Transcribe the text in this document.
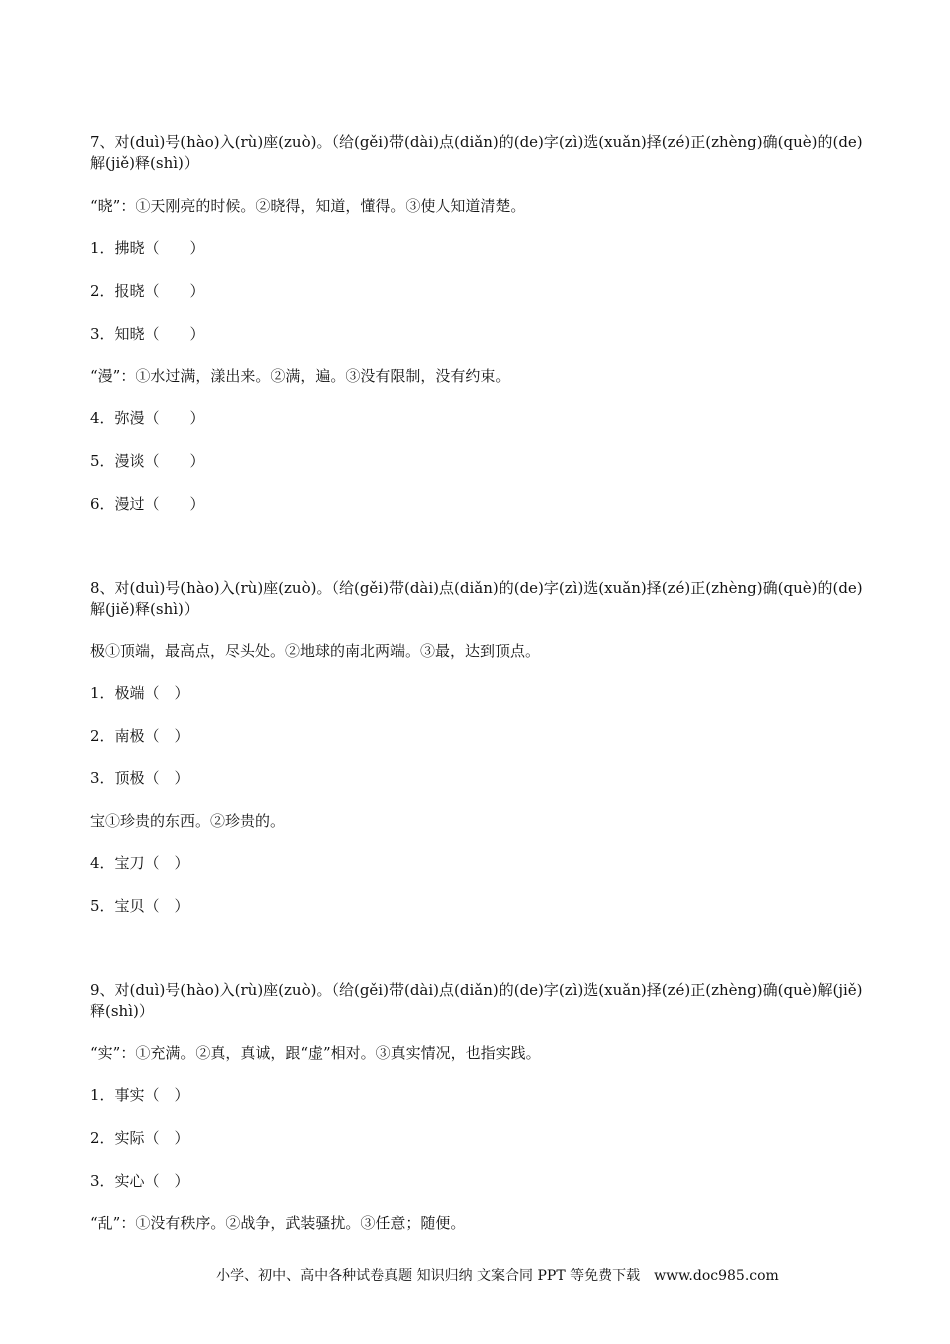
7、对(duì)号(hào)入(rù)座(zuò)。（给(gěi)带(dài)点(diǎn)的(de)字(zì)选(xuǎn)择(zé)正(zhèng)确(què)的(de)解(jiě)释(shì)）
“晓”：①天刚亮的时候。②晓得，知道，懂得。③使人知道清楚。
1．拂晓（　　）
2．报晓（　　）
3．知晓（　　）
“漫”：①水过满，漾出来。②满，遍。③没有限制，没有约束。
4．弥漫（　　）
5．漫谈（　　）
6．漫过（　　）
8、对(duì)号(hào)入(rù)座(zuò)。（给(gěi)带(dài)点(diǎn)的(de)字(zì)选(xuǎn)择(zé)正(zhèng)确(què)的(de)解(jiě)释(shì)）
极①顶端，最高点，尽头处。②地球的南北两端。③最，达到顶点。
1．极端（　）
2．南极（　）
3．顶极（　）
宝①珍贵的东西。②珍贵的。
4．宝刀（　）
5．宝贝（　）
9、对(duì)号(hào)入(rù)座(zuò)。（给(gěi)带(dài)点(diǎn)的(de)字(zì)选(xuǎn)择(zé)正(zhèng)确(què)解(jiě)释(shì)）
“实”：①充满。②真，真诚，跟“虚”相对。③真实情况，也指实践。
1．事实（　）
2．实际（　）
3．实心（　）
“乱”：①没有秩序。②战争，武装骚扰。③任意；随便。
小学、初中、高中各种试卷真题 知识归纳 文案合同 PPT 等免费下载　www.doc985.com
